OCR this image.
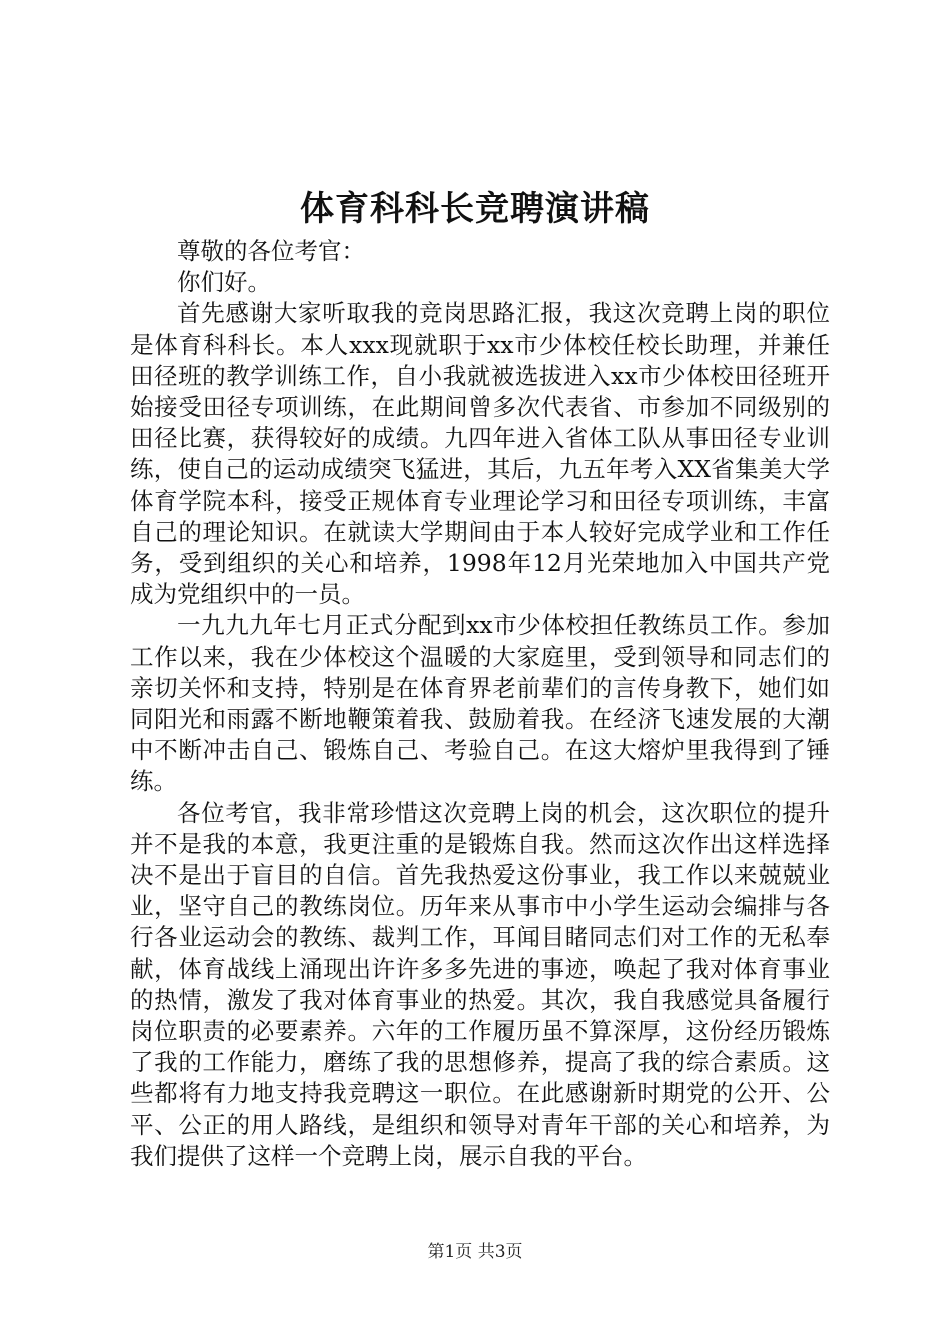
体育科科长竞聘演讲稿

尊敬的各位考官：

你们好。

首先感谢大家听取我的竞岗思路汇报，我这次竞聘上岗的职位是体育科科长。本人xxx现就职于xx市少体校任校长助理，并兼任田径班的教学训练工作，自小我就被选拔进入xx市少体校田径班开始接受田径专项训练，在此期间曾多次代表省、市参加不同级别的田径比赛，获得较好的成绩。九四年进入省体工队从事田径专业训练，使自己的运动成绩突飞猛进，其后，九五年考入XX省集美大学体育学院本科，接受正规体育专业理论学习和田径专项训练，丰富自己的理论知识。在就读大学期间由于本人较好完成学业和工作任务，受到组织的关心和培养，1998年12月光荣地加入中国共产党成为党组织中的一员。

一九九九年七月正式分配到xx市少体校担任教练员工作。参加工作以来，我在少体校这个温暖的大家庭里，受到领导和同志们的亲切关怀和支持，特别是在体育界老前辈们的言传身教下，她们如同阳光和雨露不断地鞭策着我、鼓励着我。在经济飞速发展的大潮中不断冲击自己、锻炼自己、考验自己。在这大熔炉里我得到了锤练。

各位考官，我非常珍惜这次竞聘上岗的机会，这次职位的提升并不是我的本意，我更注重的是锻炼自我。然而这次作出这样选择决不是出于盲目的自信。首先我热爱这份事业，我工作以来兢兢业业，坚守自己的教练岗位。历年来从事市中小学生运动会编排与各行各业运动会的教练、裁判工作，耳闻目睹同志们对工作的无私奉献，体育战线上涌现出许许多多先进的事迹，唤起了我对体育事业的热情，激发了我对体育事业的热爱。其次，我自我感觉具备履行岗位职责的必要素养。六年的工作履历虽不算深厚，这份经历锻炼了我的工作能力，磨练了我的思想修养，提高了我的综合素质。这些都将有力地支持我竞聘这一职位。在此感谢新时期党的公开、公平、公正的用人路线，是组织和领导对青年干部的关心和培养，为我们提供了这样一个竞聘上岗，展示自我的平台。

第1页 共3页
